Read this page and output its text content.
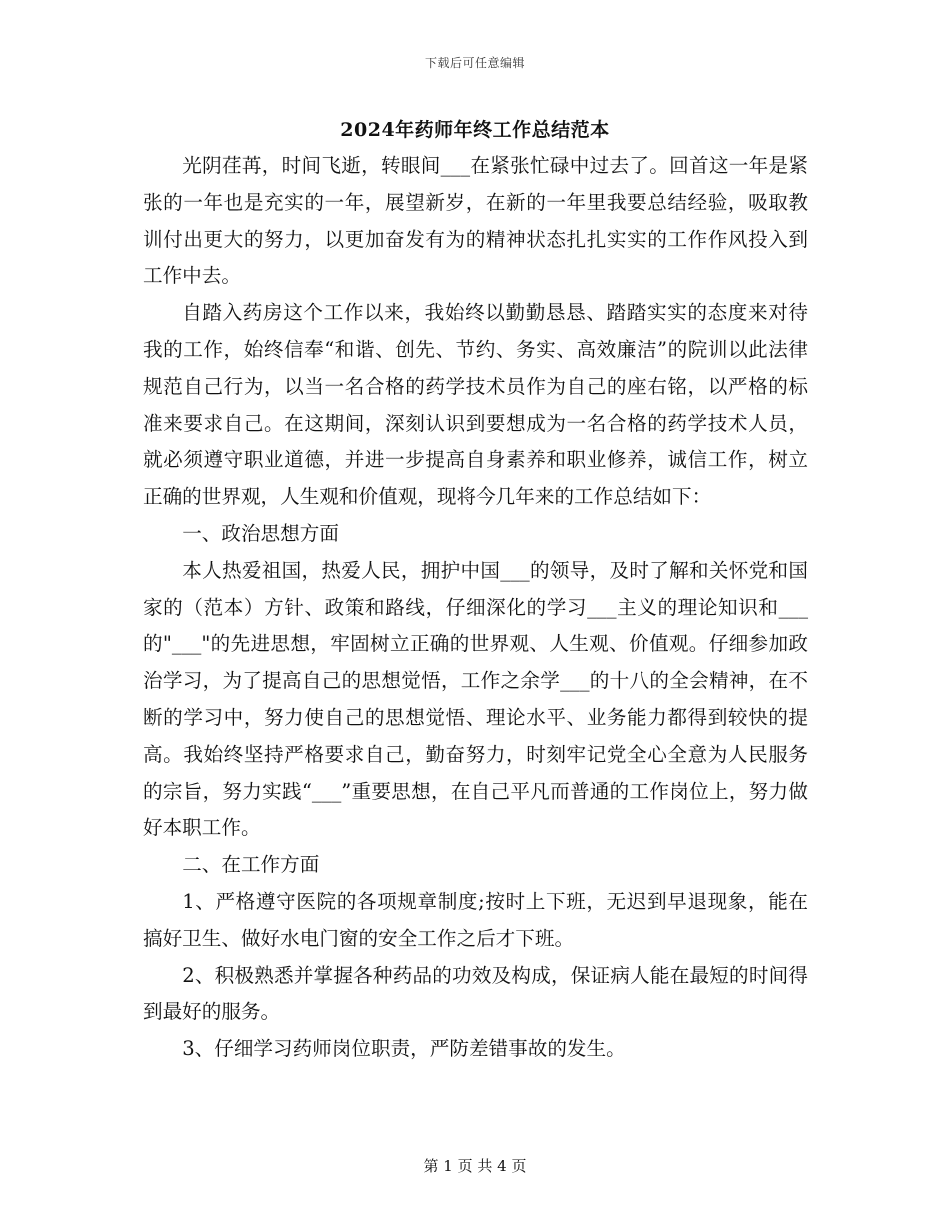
下载后可任意编辑
2024年药师年终工作总结范本

光阴荏苒，时间飞逝，转眼间___在紧张忙碌中过去了。回首这一年是紧张的一年也是充实的一年，展望新岁，在新的一年里我要总结经验，吸取教训付出更大的努力，以更加奋发有为的精神状态扎扎实实的工作作风投入到工作中去。

自踏入药房这个工作以来，我始终以勤勤恳恳、踏踏实实的态度来对待我的工作，始终信奉“和谐、创先、节约、务实、高效廉洁”的院训以此法律规范自己行为，以当一名合格的药学技术员作为自己的座右铭，以严格的标准来要求自己。在这期间，深刻认识到要想成为一名合格的药学技术人员，就必须遵守职业道德，并进一步提高自身素养和职业修养，诚信工作，树立正确的世界观，人生观和价值观，现将今几年来的工作总结如下：

一、政治思想方面

本人热爱祖国，热爱人民，拥护中国___的领导，及时了解和关怀党和国家的（范本）方针、政策和路线，仔细深化的学习___主义的理论知识和___的"___"的先进思想，牢固树立正确的世界观、人生观、价值观。仔细参加政治学习，为了提高自己的思想觉悟，工作之余学___的十八的全会精神，在不断的学习中，努力使自己的思想觉悟、理论水平、业务能力都得到较快的提高。我始终坚持严格要求自己，勤奋努力，时刻牢记党全心全意为人民服务的宗旨，努力实践“___”重要思想，在自己平凡而普通的工作岗位上，努力做好本职工作。

二、在工作方面

1、严格遵守医院的各项规章制度;按时上下班，无迟到早退现象，能在搞好卫生、做好水电门窗的安全工作之后才下班。

2、积极熟悉并掌握各种药品的功效及构成，保证病人能在最短的时间得到最好的服务。

3、仔细学习药师岗位职责，严防差错事故的发生。

第 1 页 共 4 页
